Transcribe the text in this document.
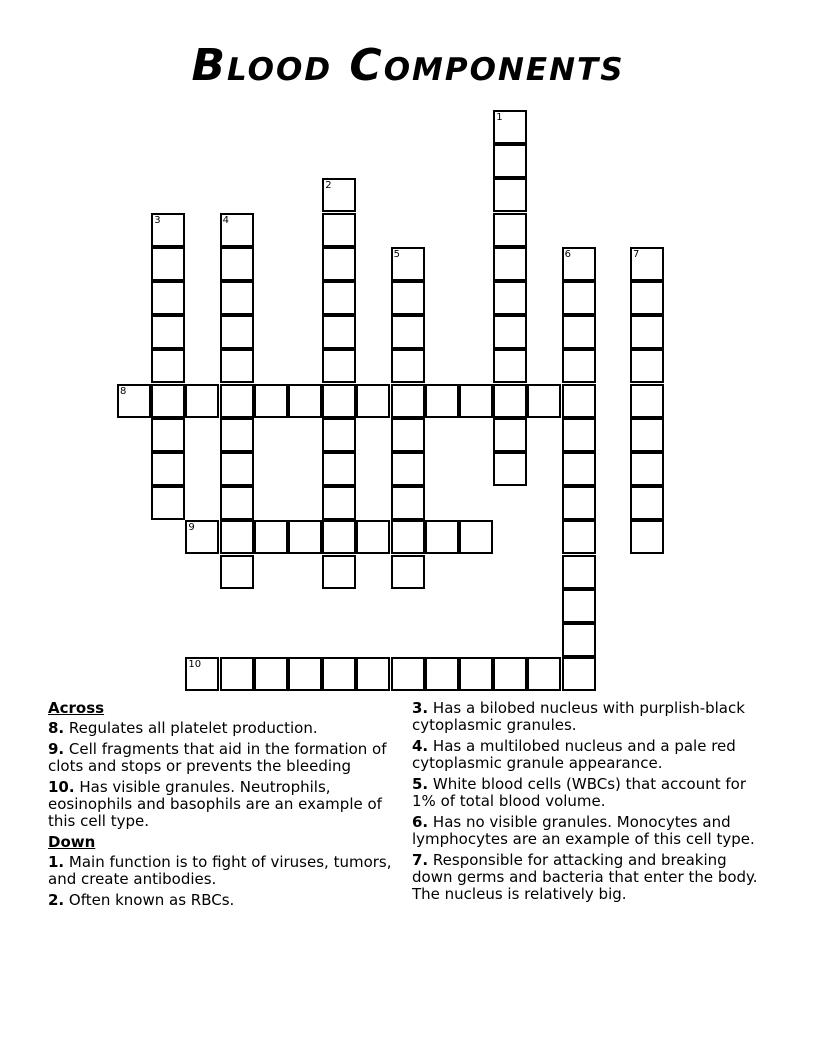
Blood Components
1
2
3	4
5	6	7
8
9
10
Across
8. Regulates all platelet production.
9. Cell fragments that aid in the formation of clots and stops or prevents the bleeding
10. Has visible granules. Neutrophils, eosinophils and basophils are an example of this cell type.
Down
1. Main function is to fight of viruses, tumors, and create antibodies.
2. Often known as RBCs.
3. Has a bilobed nucleus with purplish-black cytoplasmic granules.
4. Has a multilobed nucleus and a pale red cytoplasmic granule appearance.
5. White blood cells (WBCs) that account for 1% of total blood volume.
6. Has no visible granules. Monocytes and lymphocytes are an example of this cell type.
7. Responsible for attacking and breaking down germs and bacteria that enter the body. The nucleus is relatively big.
